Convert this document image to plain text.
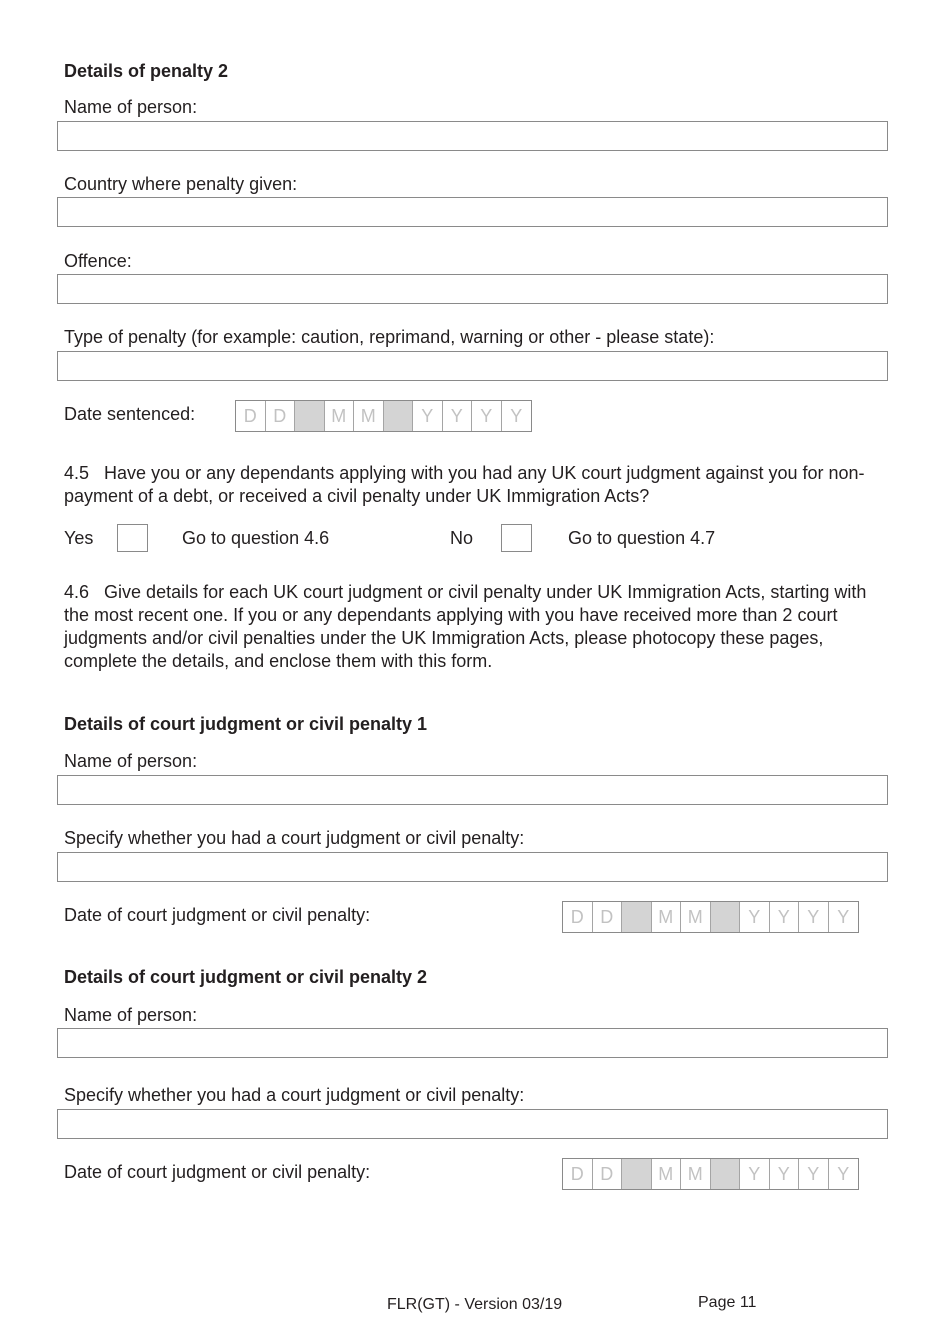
Details of penalty 2
Name of person:
Country where penalty given:
Offence:
Type of penalty (for example: caution, reprimand, warning or other - please state):
Date sentenced:	D D	M M	Y Y Y Y
4.5 Have you or any dependants applying with you had any UK court judgment against you for non-payment of a debt, or received a civil penalty under UK Immigration Acts?
Yes	Go to question 4.6	No	Go to question 4.7
4.6 Give details for each UK court judgment or civil penalty under UK Immigration Acts, starting with the most recent one. If you or any dependants applying with you have received more than 2 court judgments and/or civil penalties under the UK Immigration Acts, please photocopy these pages, complete the details, and enclose them with this form.
Details of court judgment or civil penalty 1
Name of person:
Specify whether you had a court judgment or civil penalty:
Date of court judgment or civil penalty:	D D	M M	Y Y Y Y
Details of court judgment or civil penalty 2
Name of person:
Specify whether you had a court judgment or civil penalty:
Date of court judgment or civil penalty:	D D	M M	Y Y Y Y
FLR(GT) - Version 03/19	Page 11
